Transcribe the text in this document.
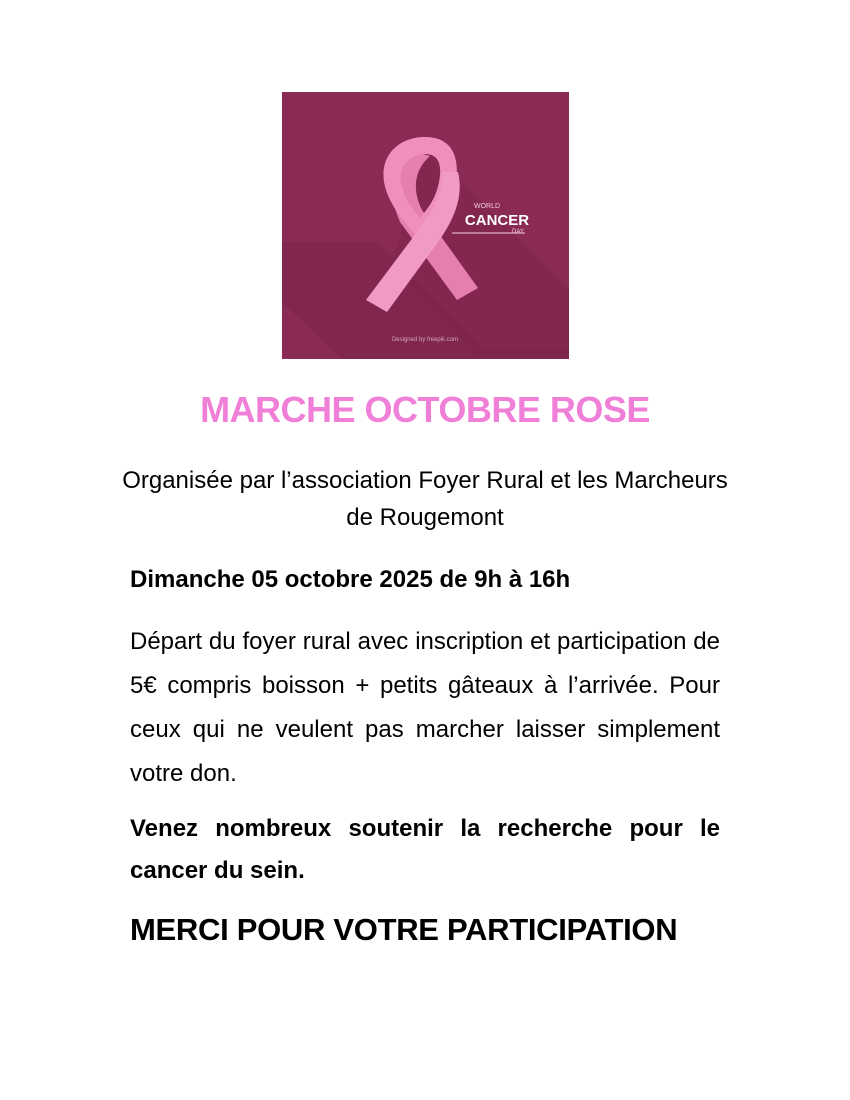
WORLD
CANCER
DAY
Designed by freepik.com
MARCHE OCTOBRE ROSE
Organisée par l’association Foyer Rural et les Marcheurs de Rougemont
Dimanche 05 octobre 2025 de 9h à 16h
Départ du foyer rural avec inscription et participation de 5€ compris boisson + petits gâteaux à l’arrivée. Pour ceux qui ne veulent pas marcher laisser simplement votre don.
Venez nombreux soutenir la recherche pour le cancer du sein.
MERCI POUR VOTRE PARTICIPATION
